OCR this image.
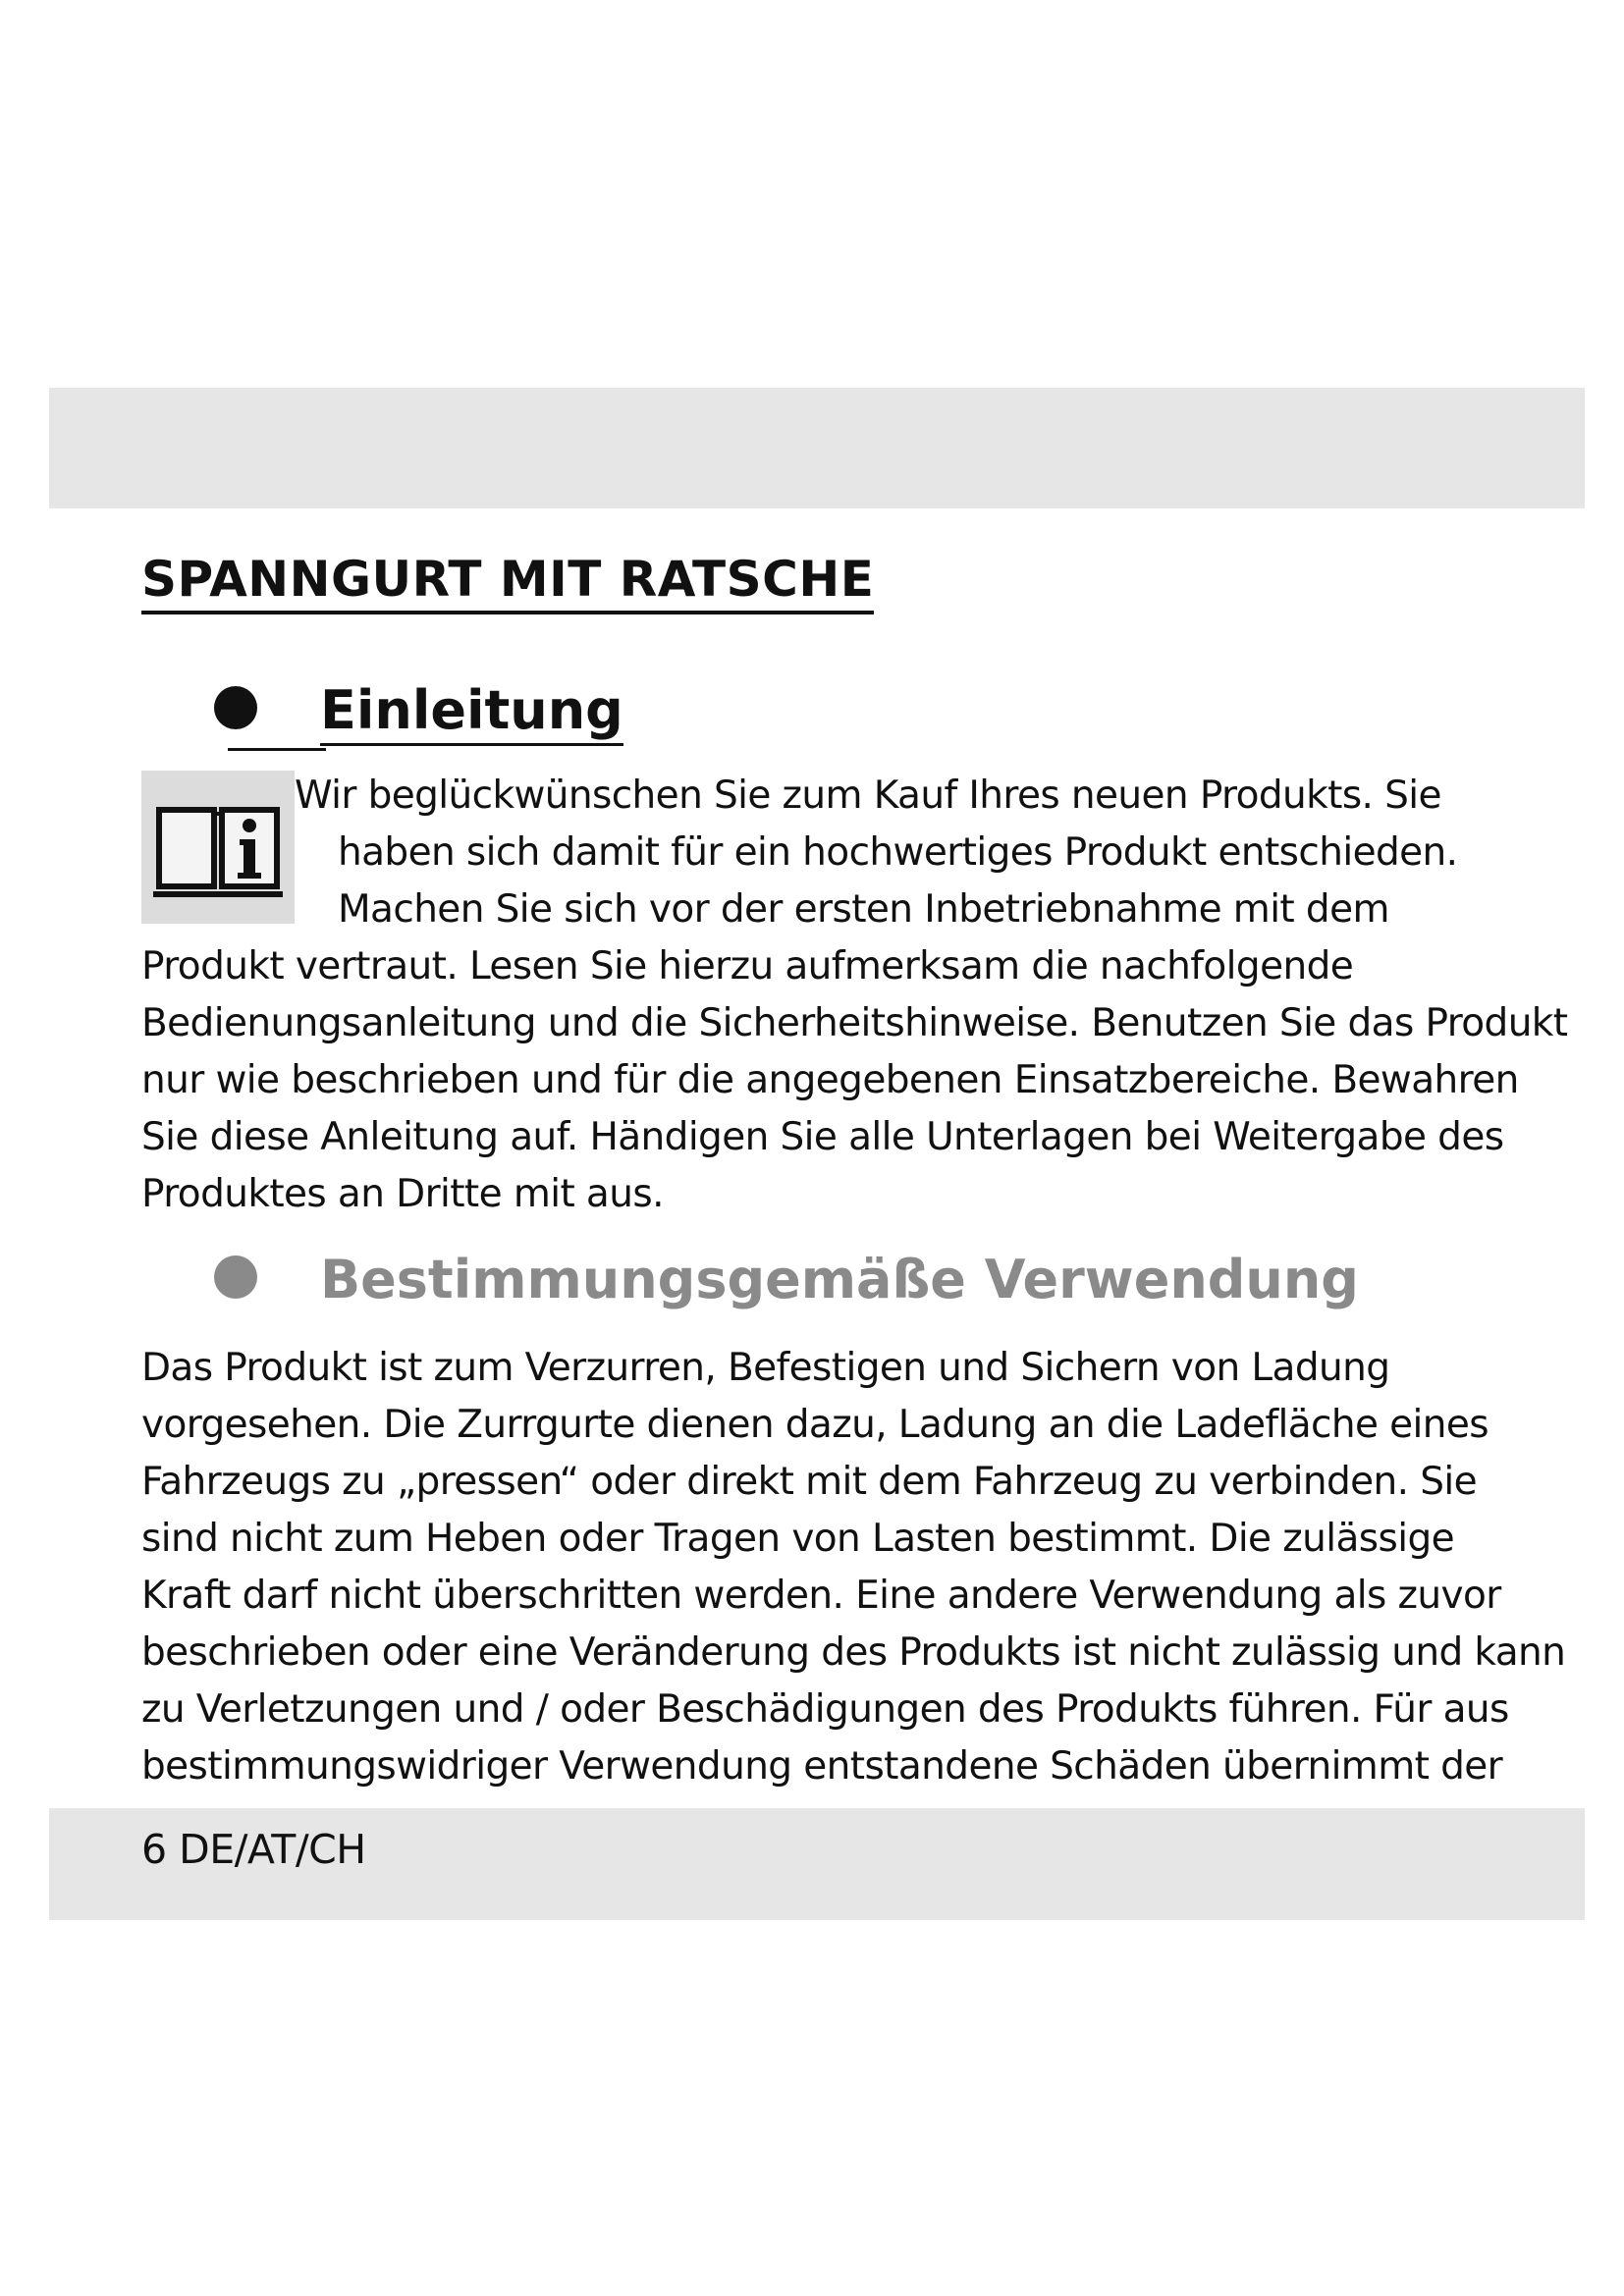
SPANNGURT MIT RATSCHE
Einleitung
Wir beglückwünschen Sie zum Kauf Ihres neuen Produkts. Sie
haben sich damit für ein hochwertiges Produkt entschieden.
Machen Sie sich vor der ersten Inbetriebnahme mit dem
Produkt vertraut. Lesen Sie hierzu aufmerksam die nachfolgende
Bedienungsanleitung und die Sicherheitshinweise. Benutzen Sie das Produkt
nur wie beschrieben und für die angegebenen Einsatzbereiche. Bewahren
Sie diese Anleitung auf. Händigen Sie alle Unterlagen bei Weitergabe des
Produktes an Dritte mit aus.
Bestimmungsgemäße Verwendung
Das Produkt ist zum Verzurren, Befestigen und Sichern von Ladung
vorgesehen. Die Zurrgurte dienen dazu, Ladung an die Ladefläche eines
Fahrzeugs zu „pressen“ oder direkt mit dem Fahrzeug zu verbinden. Sie
sind nicht zum Heben oder Tragen von Lasten bestimmt. Die zulässige
Kraft darf nicht überschritten werden. Eine andere Verwendung als zuvor
beschrieben oder eine Veränderung des Produkts ist nicht zulässig und kann
zu Verletzungen und / oder Beschädigungen des Produkts führen. Für aus
bestimmungswidriger Verwendung entstandene Schäden übernimmt der
6 DE/AT/CH
